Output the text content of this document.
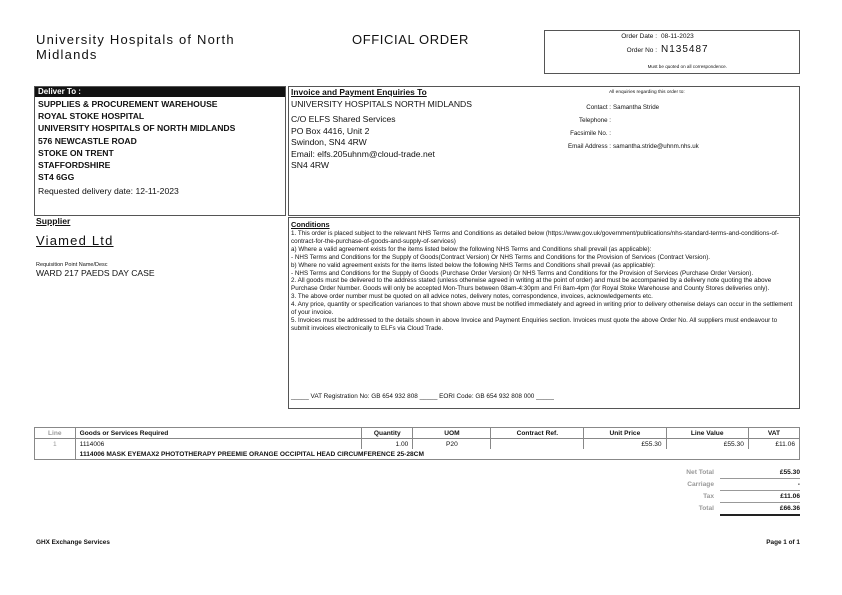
University Hospitals of North
Midlands
OFFICIAL ORDER	Order Date : 08-11-2023
Order No : N135487
Must be quoted on all correspondence.
Deliver To :
SUPPLIES & PROCUREMENT WAREHOUSE
ROYAL STOKE HOSPITAL
UNIVERSITY HOSPITALS OF NORTH MIDLANDS
576 NEWCASTLE ROAD
STOKE ON TRENT
STAFFORDSHIRE
ST4 6GG
Requested delivery date: 12-11-2023
Invoice and Payment Enquiries To
UNIVERSITY HOSPITALS NORTH MIDLANDS
C/O ELFS Shared Services
PO Box 4416, Unit 2
Swindon, SN4 4RW
Email: elfs.205uhnm@cloud-trade.net
SN4 4RW
All enquiries regarding this order to:
Contact : Samantha Stride
Telephone :
Facsimile No. :
Email Address : samantha.stride@uhnm.nhs.uk
Supplier
Viamed Ltd
Requisition Point Name/Desc
WARD 217 PAEDS DAY CASE
Conditions

1. This order is placed subject to the relevant NHS Terms and Conditions as detailed below (https://www.gov.uk/government/publications/nhs-standard-terms-and-conditions-of-contract-for-the-purchase-of-goods-and-supply-of-services)

a) Where a valid agreement exists for the items listed below the following NHS Terms and Conditions shall prevail (as applicable):

- NHS Terms and Conditions for the Supply of Goods(Contract Version) Or NHS Terms and Conditions for the Provision of Services (Contract Version).

b) Where no valid agreement exists for the items listed below the following NHS Terms and Conditions shall prevail (as applicable):

- NHS Terms and Conditions for the Supply of Goods (Purchase Order Version) Or NHS Terms and Conditions for the Provision of Services (Purchase Order Version).

2. All goods must be delivered to the address stated (unless otherwise agreed in writing at the point of order) and must be accompanied by a delivery note quoting the above Purchase Order Number. Goods will only be accepted Mon-Thurs between 08am-4:30pm and Fri 8am-4pm (for Royal Stoke Warehouse and County Stores deliveries only).

3. The above order number must be quoted on all advice notes, delivery notes, correspondence, invoices, acknowledgements etc.

4. Any price, quantity or specification variances to that shown above must be notified immediately and agreed in writing prior to delivery otherwise delays can occur in the settlement of your invoice.

5. Invoices must be addressed to the details shown in above Invoice and Payment Enquiries section. Invoices must quote the above Order No. All suppliers must endeavour to submit invoices electronically to ELFs via Cloud Trade.

_____ VAT Registration No: GB 654 932 808 _____ EORI Code: GB 654 932 808 000 _____
Line	Goods or Services Required	Quantity	UOM	Contract Ref.	Unit Price	Line Value	VAT
1	1114006	1.00	P20		£55.30	£55.30	£11.06
	1114006 MASK EYEMAX2 PHOTOTHERAPY PREEMIE ORANGE OCCIPITAL HEAD CIRCUMFERENCE 25-28CM						
Net Total	£55.30
Carriage	-
Tax	£11.06
Total	£66.36
GHX Exchange Services	Page 1 of 1
